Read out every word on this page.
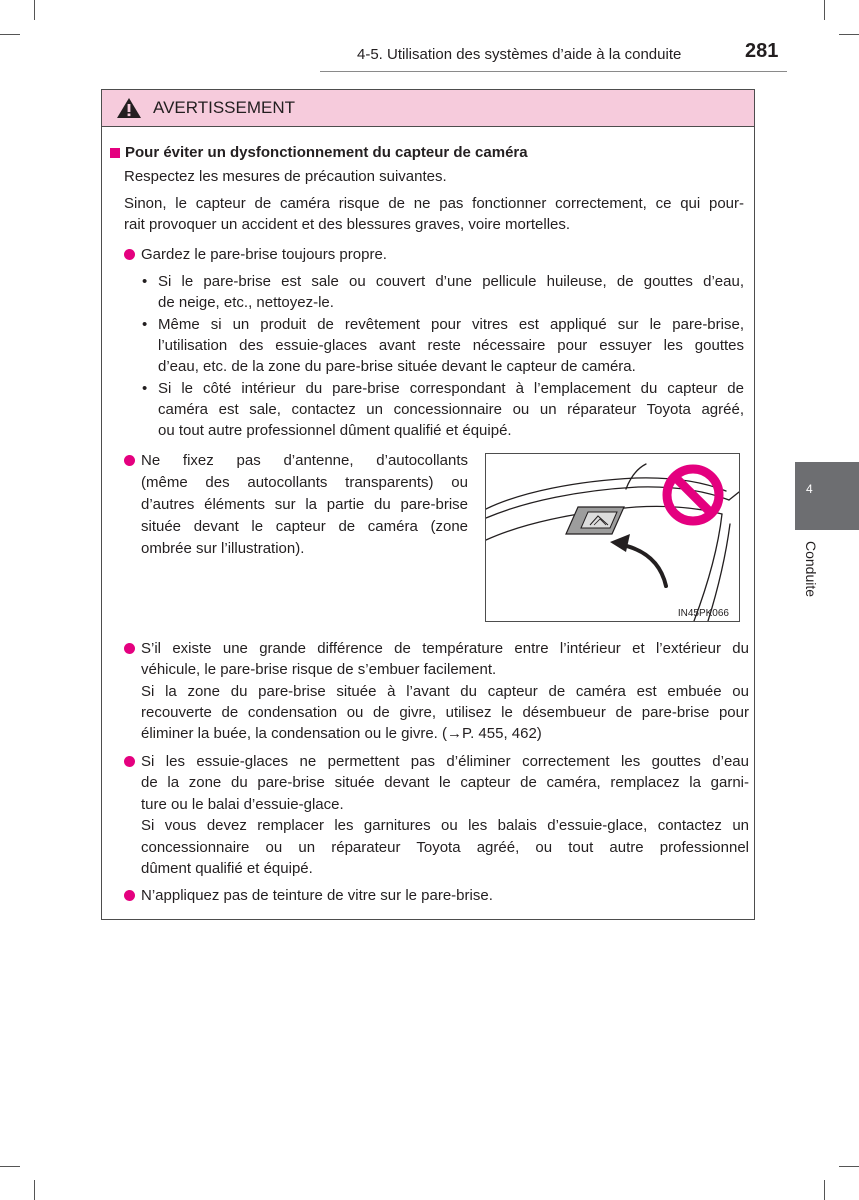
4-5. Utilisation des systèmes d’aide à la conduite	281
4
Conduite
AVERTISSEMENT
Pour éviter un dysfonctionnement du capteur de caméra
Respectez les mesures de précaution suivantes.
Sinon, le capteur de caméra risque de ne pas fonctionner correctement, ce qui pour-
rait provoquer un accident et des blessures graves, voire mortelles.
Gardez le pare-brise toujours propre.
• Si le pare-brise est sale ou couvert d’une pellicule huileuse, de gouttes d’eau,
de neige, etc., nettoyez-le.
• Même si un produit de revêtement pour vitres est appliqué sur le pare-brise,
l’utilisation des essuie-glaces avant reste nécessaire pour essuyer les gouttes
d’eau, etc. de la zone du pare-brise située devant le capteur de caméra.
• Si le côté intérieur du pare-brise correspondant à l’emplacement du capteur de
caméra est sale, contactez un concessionnaire ou un réparateur Toyota agréé,
ou tout autre professionnel dûment qualifié et équipé.
Ne fixez pas d’antenne, d’autocollants
(même des autocollants transparents) ou
d’autres éléments sur la partie du pare-brise
située devant le capteur de caméra (zone
ombrée sur l’illustration).
S’il existe une grande différence de température entre l’intérieur et l’extérieur du
véhicule, le pare-brise risque de s’embuer facilement.
Si la zone du pare-brise située à l’avant du capteur de caméra est embuée ou
recouverte de condensation ou de givre, utilisez le désembueur de pare-brise pour
éliminer la buée, la condensation ou le givre. (→P. 455, 462)
Si les essuie-glaces ne permettent pas d’éliminer correctement les gouttes d’eau
de la zone du pare-brise située devant le capteur de caméra, remplacez la garni-
ture ou le balai d’essuie-glace.
Si vous devez remplacer les garnitures ou les balais d’essuie-glace, contactez un
concessionnaire ou un réparateur Toyota agréé, ou tout autre professionnel
dûment qualifié et équipé.
N’appliquez pas de teinture de vitre sur le pare-brise.
IN45PK066
